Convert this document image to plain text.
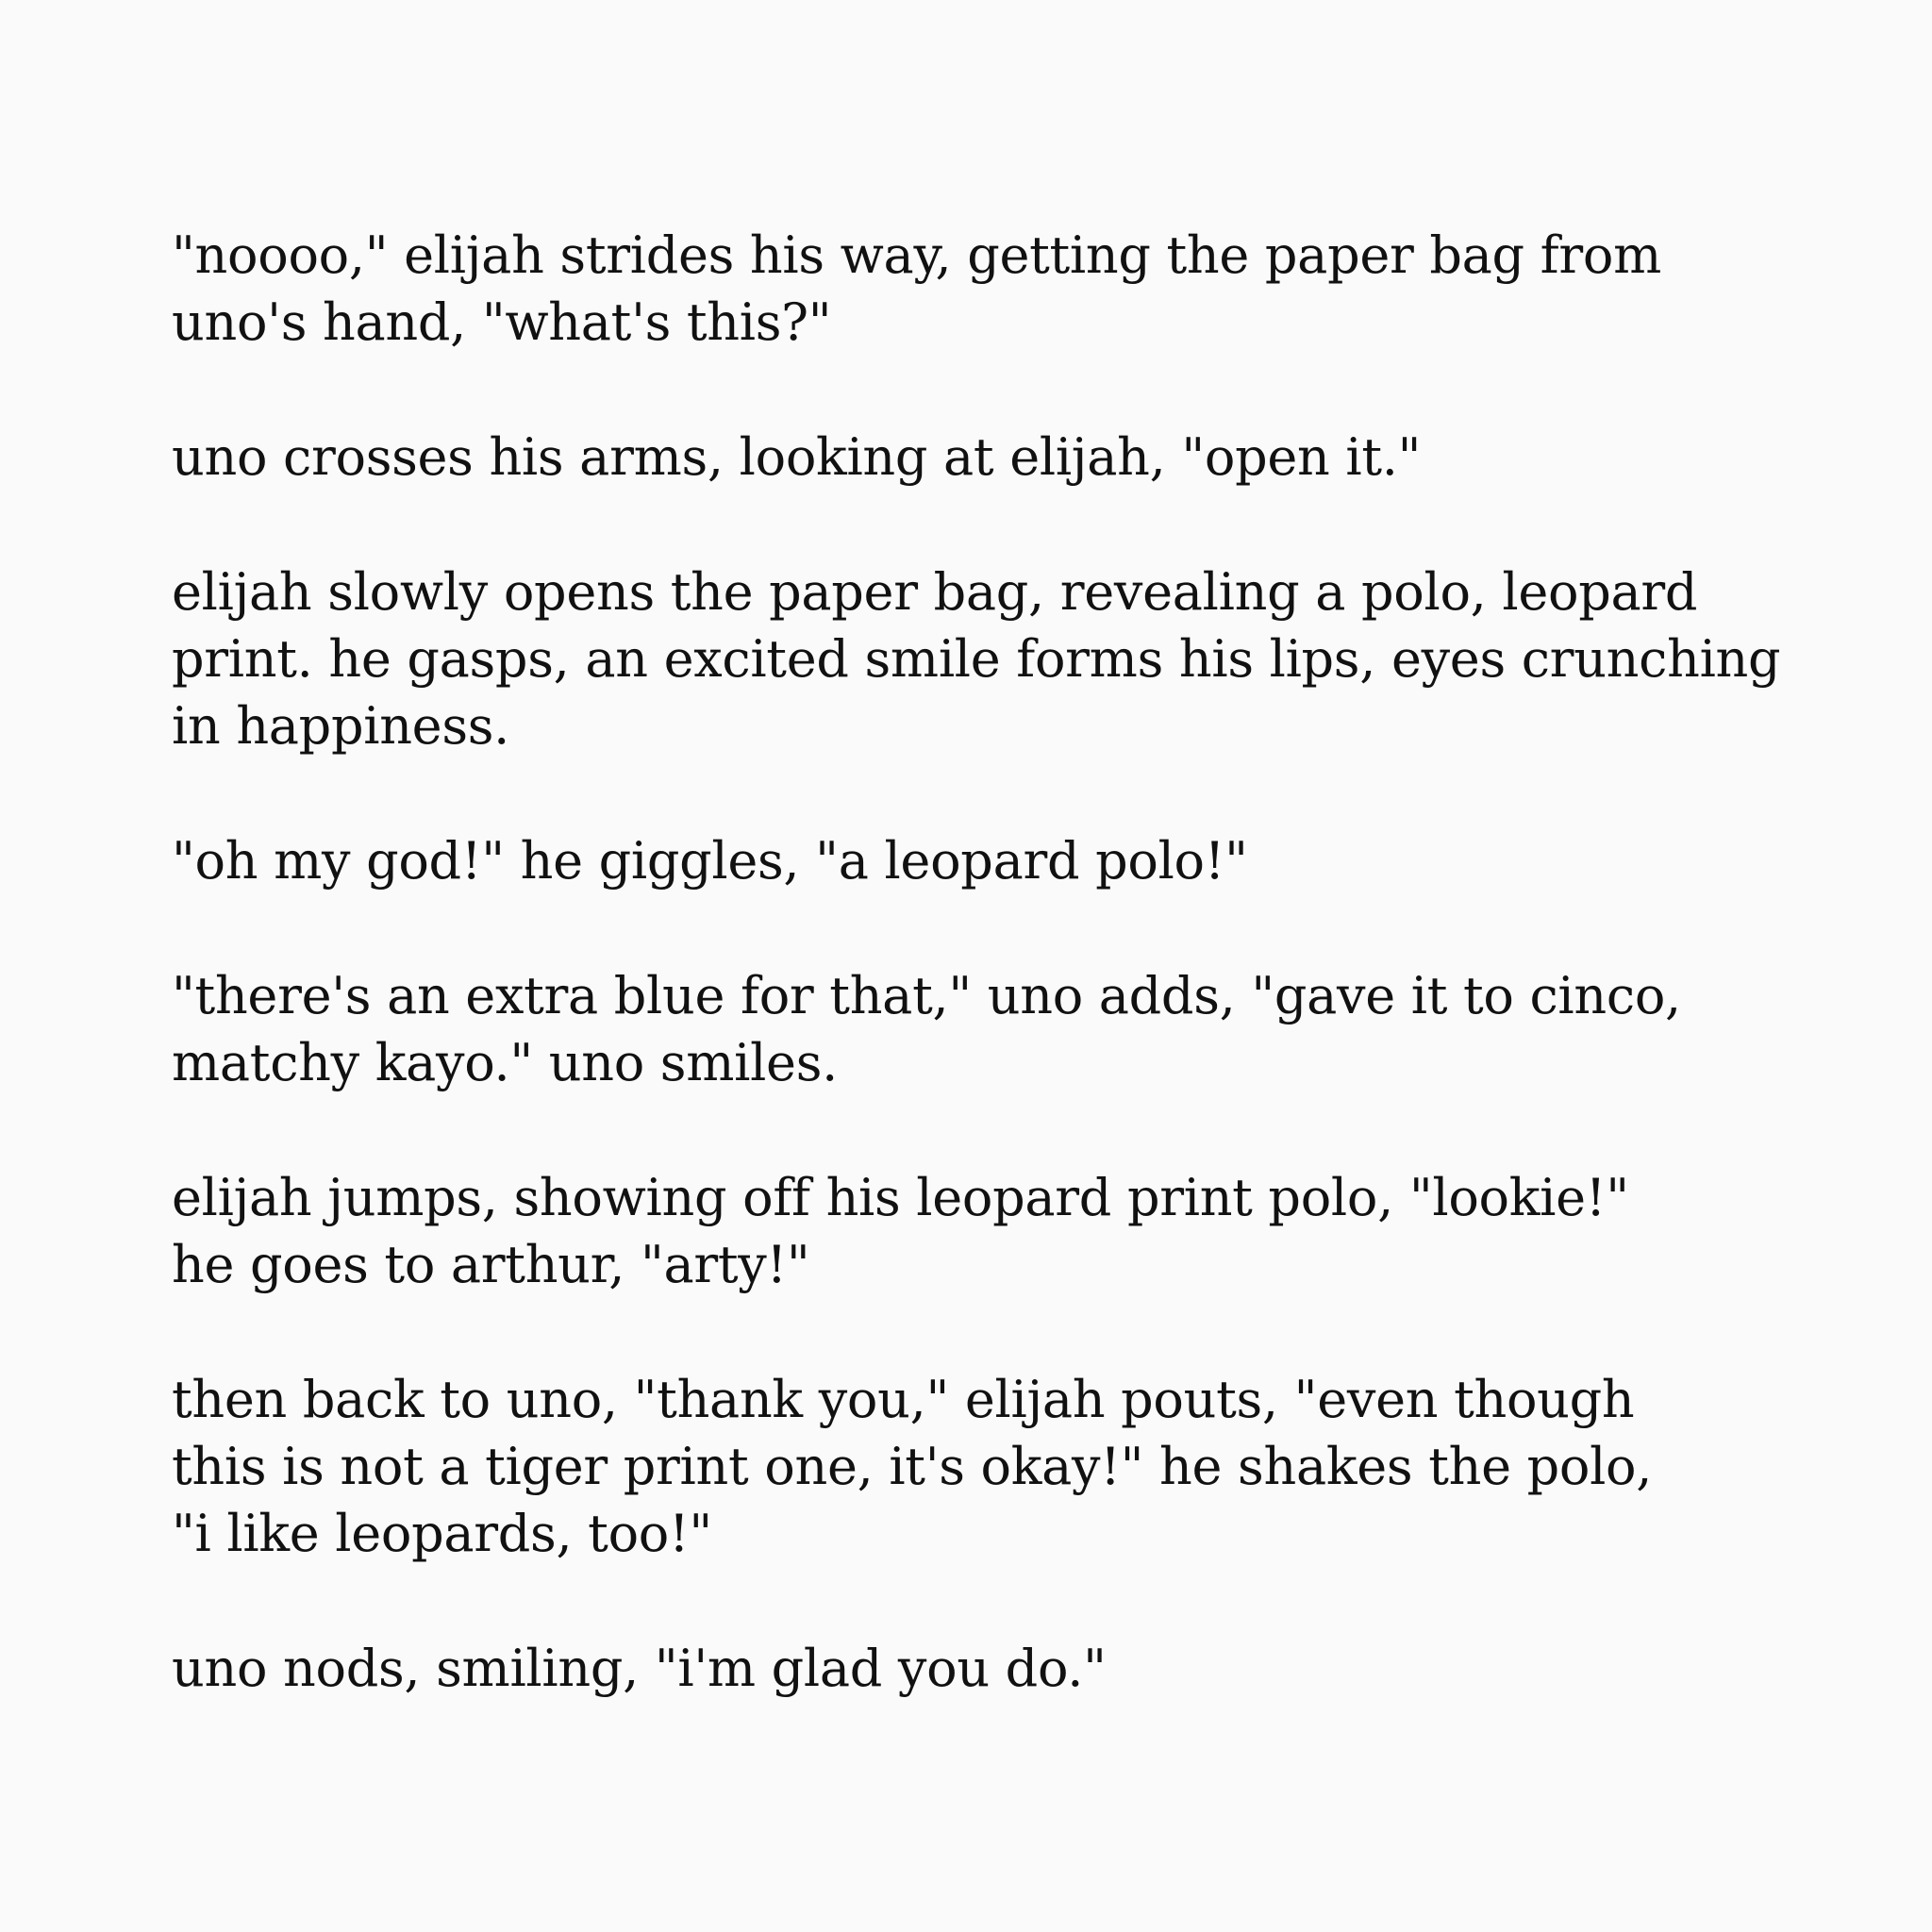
"noooo," elijah strides his way, getting the paper bag from
uno's hand, "what's this?"

uno crosses his arms, looking at elijah, "open it."

elijah slowly opens the paper bag, revealing a polo, leopard
print. he gasps, an excited smile forms his lips, eyes crunching
in happiness.

"oh my god!" he giggles, "a leopard polo!"

"there's an extra blue for that," uno adds, "gave it to cinco,
matchy kayo." uno smiles.

elijah jumps, showing off his leopard print polo, "lookie!"
he goes to arthur, "arty!"

then back to uno, "thank you," elijah pouts, "even though
this is not a tiger print one, it's okay!" he shakes the polo,
"i like leopards, too!"

uno nods, smiling, "i'm glad you do."
